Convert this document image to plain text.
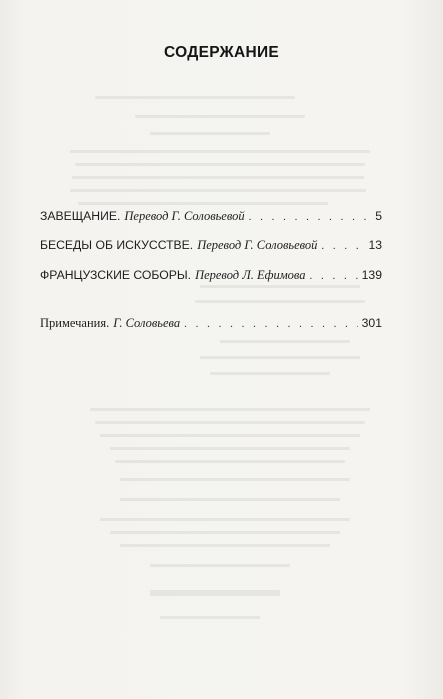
СОДЕРЖАНИЕ
ЗАВЕЩАНИЕ. Перевод Г. Соловьевой . . .	5
БЕСЕДЫ ОБ ИСКУССТВЕ. Перевод Г. Соловьевой . . .	13
ФРАНЦУЗСКИЕ СОБОРЫ. Перевод Л. Ефимова . . .	139
Примечания. Г. Соловьева . . .	301
